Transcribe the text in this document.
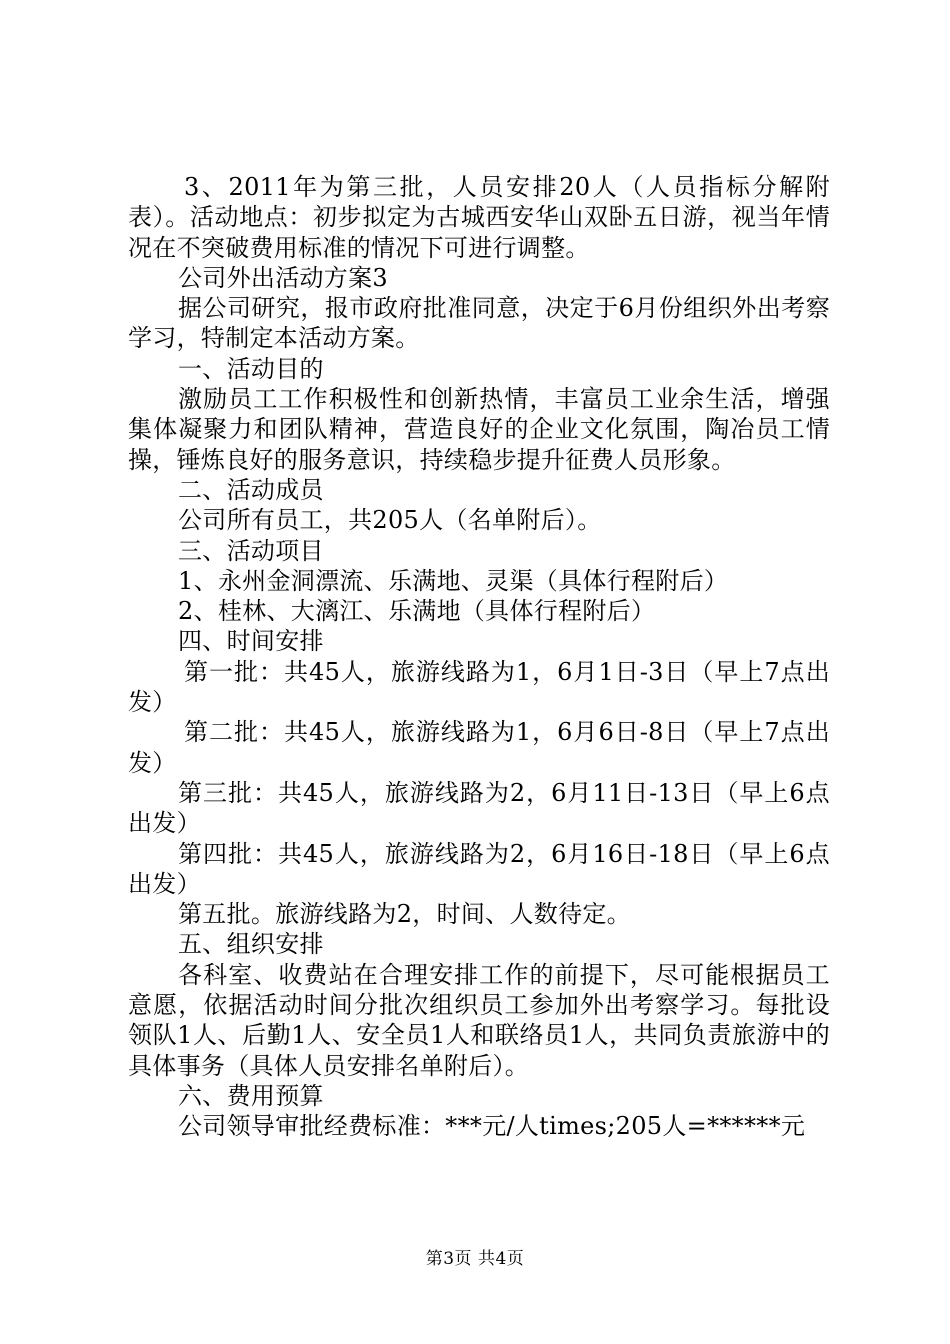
3、2011年为第三批，人员安排20人（人员指标分解附表）。活动地点：初步拟定为古城西安华山双卧五日游，视当年情况在不突破费用标准的情况下可进行调整。

公司外出活动方案3

据公司研究，报市政府批准同意，决定于6月份组织外出考察学习，特制定本活动方案。

一、活动目的

激励员工工作积极性和创新热情，丰富员工业余生活，增强集体凝聚力和团队精神，营造良好的企业文化氛围，陶冶员工情操，锤炼良好的服务意识，持续稳步提升征费人员形象。

二、活动成员

公司所有员工，共205人（名单附后）。

三、活动项目

1、永州金洞漂流、乐满地、灵渠（具体行程附后）

2、桂林、大漓江、乐满地（具体行程附后）

四、时间安排

第一批：共45人，旅游线路为1，6月1日-3日（早上7点出发）

第二批：共45人，旅游线路为1，6月6日-8日（早上7点出发）

第三批：共45人，旅游线路为2，6月11日-13日（早上6点出发）

第四批：共45人，旅游线路为2，6月16日-18日（早上6点出发）

第五批。旅游线路为2，时间、人数待定。

五、组织安排

各科室、收费站在合理安排工作的前提下，尽可能根据员工意愿，依据活动时间分批次组织员工参加外出考察学习。每批设领队1人、后勤1人、安全员1人和联络员1人，共同负责旅游中的具体事务（具体人员安排名单附后）。

六、费用预算

公司领导审批经费标准：***元/人times;205人=******元

第3页 共4页
